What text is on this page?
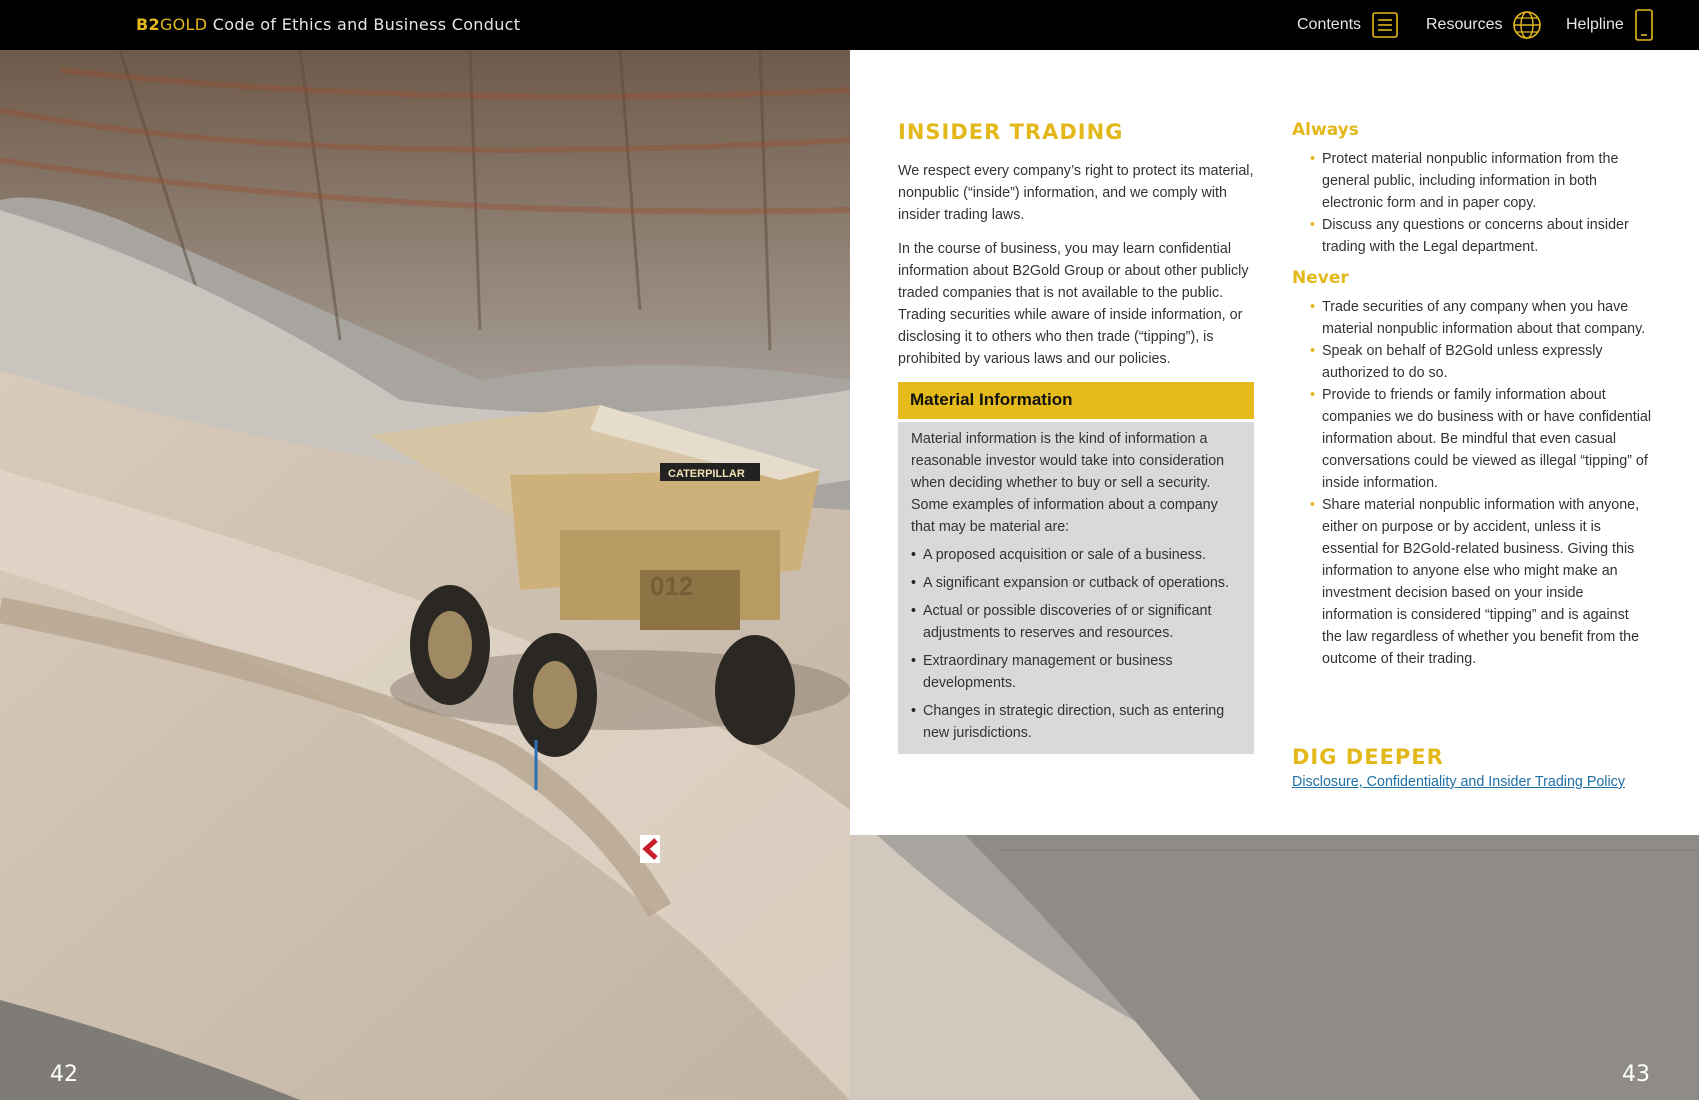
B2GOLD Code of Ethics and Business Conduct	Contents	Resources	Helpline
CATERPILLAR
012
INSIDER TRADING

We respect every company’s right to protect its material, nonpublic (“inside”) information, and we comply with insider trading laws.

In the course of business, you may learn confidential information about B2Gold Group or about other publicly traded companies that is not available to the public. Trading securities while aware of inside information, or disclosing it to others who then trade (“tipping”), is prohibited by various laws and our policies.

Material Information

Material information is the kind of information a reasonable investor would take into consideration when deciding whether to buy or sell a security. Some examples of information about a company that may be material are:

• A proposed acquisition or sale of a business.
• A significant expansion or cutback of operations.
• Actual or possible discoveries of or significant adjustments to reserves and resources.
• Extraordinary management or business developments.
• Changes in strategic direction, such as entering new jurisdictions.
Always
• Protect material nonpublic information from the general public, including information in both electronic form and in paper copy.
• Discuss any questions or concerns about insider trading with the Legal department.
Never
• Trade securities of any company when you have material nonpublic information about that company.
• Speak on behalf of B2Gold unless expressly authorized to do so.
• Provide to friends or family information about companies we do business with or have confidential information about. Be mindful that even casual conversations could be viewed as illegal “tipping” of inside information.
• Share material nonpublic information with anyone, either on purpose or by accident, unless it is essential for B2Gold-related business. Giving this information to anyone else who might make an investment decision based on your inside information is considered “tipping” and is against the law regardless of whether you benefit from the outcome of their trading.
DIG DEEPER
Disclosure, Confidentiality and Insider Trading Policy
42	43
